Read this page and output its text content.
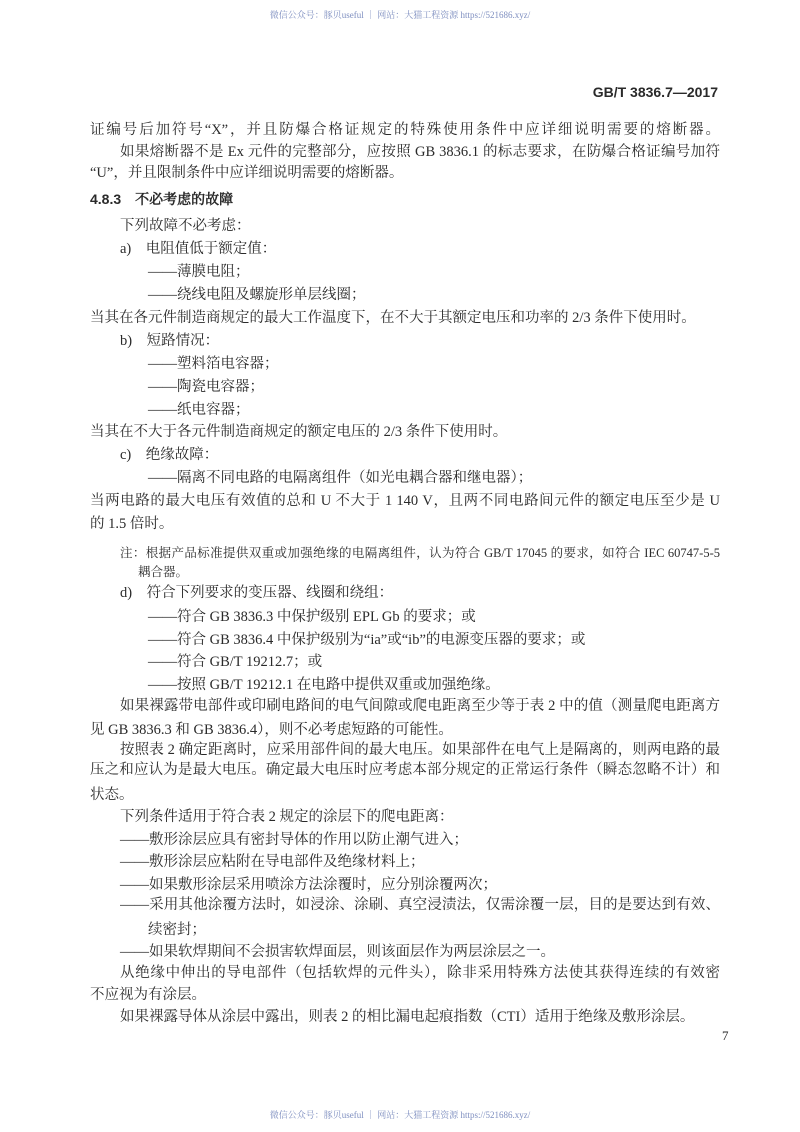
微信公众号：豚贝useful ｜ 网站：大猫工程资源 https://521686.xyz/
GB/T 3836.7—2017
证编号后加符号“X”，并且防爆合格证规定的特殊使用条件中应详细说明需要的熔断器。
如果熔断器不是 Ex 元件的完整部分，应按照 GB 3836.1 的标志要求，在防爆合格证编号加符
“U”，并且限制条件中应详细说明需要的熔断器。
4.8.3　不必考虑的故障
下列故障不必考虑：
a)　电阻值低于额定值：
——薄膜电阻；
——绕线电阻及螺旋形单层线圈；
当其在各元件制造商规定的最大工作温度下，在不大于其额定电压和功率的 2/3 条件下使用时。
b)　短路情况：
——塑料箔电容器；
——陶瓷电容器；
——纸电容器；
当其在不大于各元件制造商规定的额定电压的 2/3 条件下使用时。
c)　绝缘故障：
——隔离不同电路的电隔离组件（如光电耦合器和继电器）；
当两电路的最大电压有效值的总和 U 不大于 1 140 V，且两不同电路间元件的额定电压至少是 U
的 1.5 倍时。
注：根据产品标准提供双重或加强绝缘的电隔离组件，认为符合 GB/T 17045 的要求，如符合 IEC 60747-5-5
耦合器。
d)　符合下列要求的变压器、线圈和绕组：
——符合 GB 3836.3 中保护级别 EPL Gb 的要求；或
——符合 GB 3836.4 中保护级别为“ia”或“ib”的电源变压器的要求；或
——符合 GB/T 19212.7；或
——按照 GB/T 19212.1 在电路中提供双重或加强绝缘。
如果裸露带电部件或印刷电路间的电气间隙或爬电距离至少等于表 2 中的值（测量爬电距离方
见 GB 3836.3 和 GB 3836.4），则不必考虑短路的可能性。
按照表 2 确定距离时，应采用部件间的最大电压。如果部件在电气上是隔离的，则两电路的最
压之和应认为是最大电压。确定最大电压时应考虑本部分规定的正常运行条件（瞬态忽略不计）和
状态。
下列条件适用于符合表 2 规定的涂层下的爬电距离：
——敷形涂层应具有密封导体的作用以防止潮气进入；
——敷形涂层应粘附在导电部件及绝缘材料上；
——如果敷形涂层采用喷涂方法涂覆时，应分别涂覆两次；
——采用其他涂覆方法时，如浸涂、涂刷、真空浸渍法，仅需涂覆一层，目的是要达到有效、
续密封；
——如果软焊期间不会损害软焊面层，则该面层作为两层涂层之一。
从绝缘中伸出的导电部件（包括软焊的元件头），除非采用特殊方法使其获得连续的有效密
不应视为有涂层。
如果裸露导体从涂层中露出，则表 2 的相比漏电起痕指数（CTI）适用于绝缘及敷形涂层。
7
微信公众号：豚贝useful ｜ 网站：大猫工程资源 https://521686.xyz/
